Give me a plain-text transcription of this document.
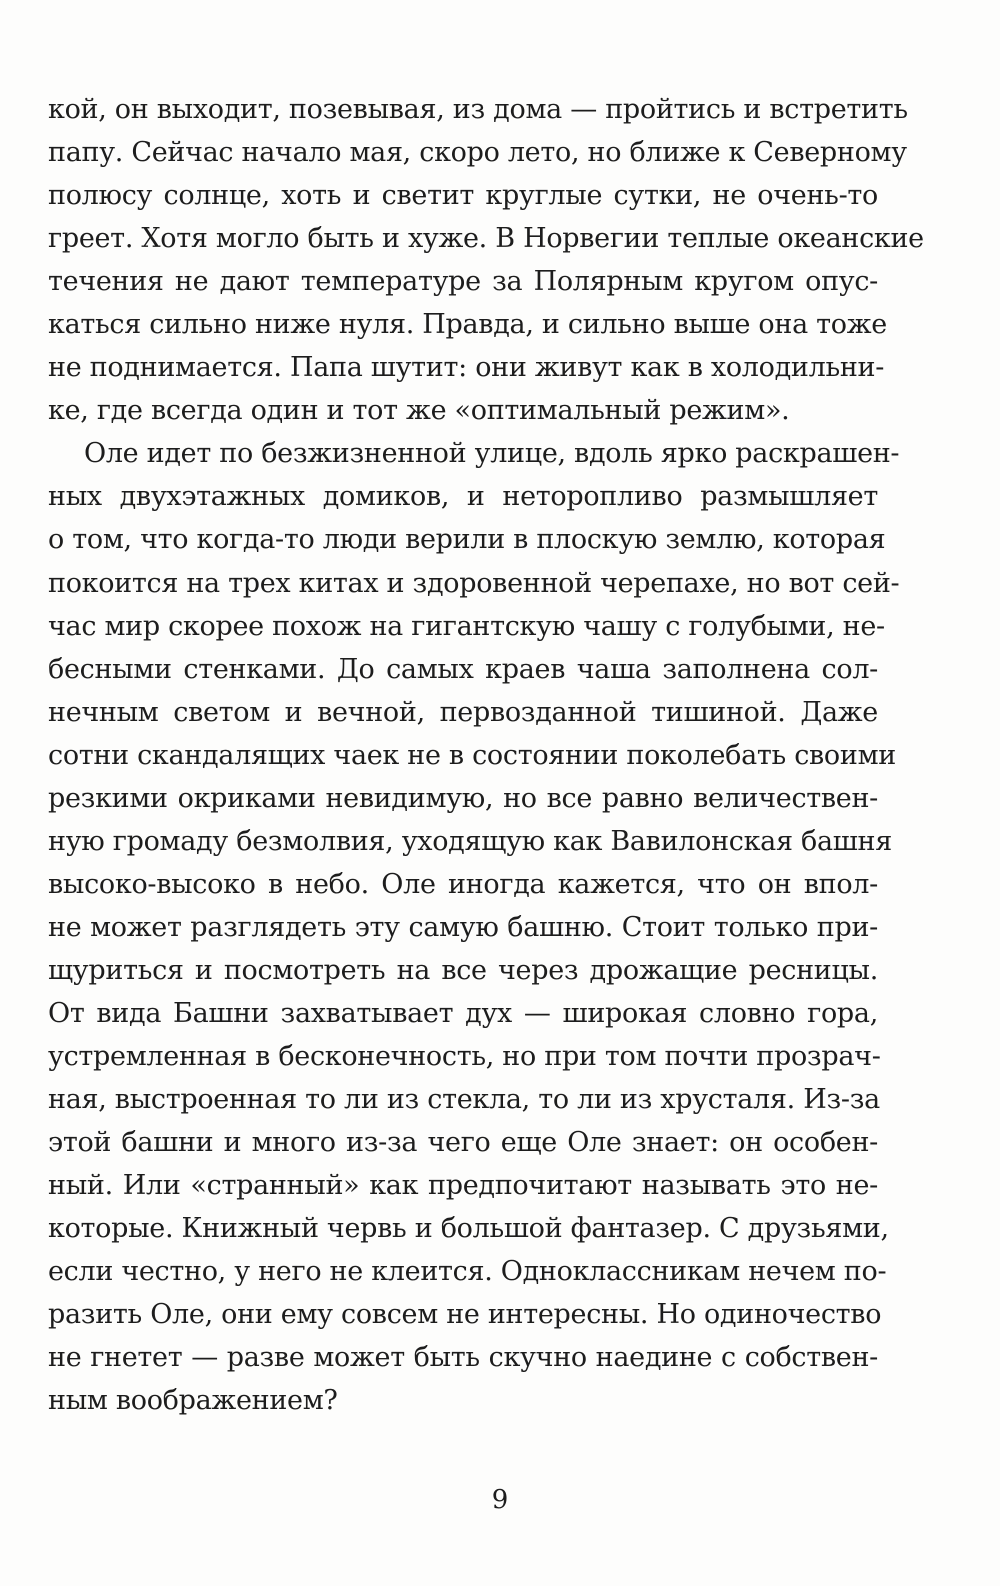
кой, он выходит, позевывая, из дома — пройтись и встретить
папу. Сейчас начало мая, скоро лето, но ближе к Северному
полюсу солнце, хоть и светит круглые сутки, не очень-то
греет. Хотя могло быть и хуже. В Норвегии теплые океанские
течения не дают температуре за Полярным кругом опус-
каться сильно ниже нуля. Правда, и сильно выше она тоже
не поднимается. Папа шутит: они живут как в холодильни-
ке, где всегда один и тот же «оптимальный режим».
Оле идет по безжизненной улице, вдоль ярко раскрашен-
ных двухэтажных домиков, и неторопливо размышляет
о том, что когда-то люди верили в плоскую землю, которая
покоится на трех китах и здоровенной черепахе, но вот сей-
час мир скорее похож на гигантскую чашу с голубыми, не-
бесными стенками. До самых краев чаша заполнена сол-
нечным светом и вечной, первозданной тишиной. Даже
сотни скандалящих чаек не в состоянии поколебать своими
резкими окриками невидимую, но все равно величествен-
ную громаду безмолвия, уходящую как Вавилонская башня
высоко-высоко в небо. Оле иногда кажется, что он впол-
не может разглядеть эту самую башню. Стоит только при-
щуриться и посмотреть на все через дрожащие ресницы.
От вида Башни захватывает дух — широкая словно гора,
устремленная в бесконечность, но при том почти прозрач-
ная, выстроенная то ли из стекла, то ли из хрусталя. Из-за
этой башни и много из-за чего еще Оле знает: он особен-
ный. Или «странный» как предпочитают называть это не-
которые. Книжный червь и большой фантазер. С друзьями,
если честно, у него не клеится. Одноклассникам нечем по-
разить Оле, они ему совсем не интересны. Но одиночество
не гнетет — разве может быть скучно наедине с собствен-
ным воображением?
9
